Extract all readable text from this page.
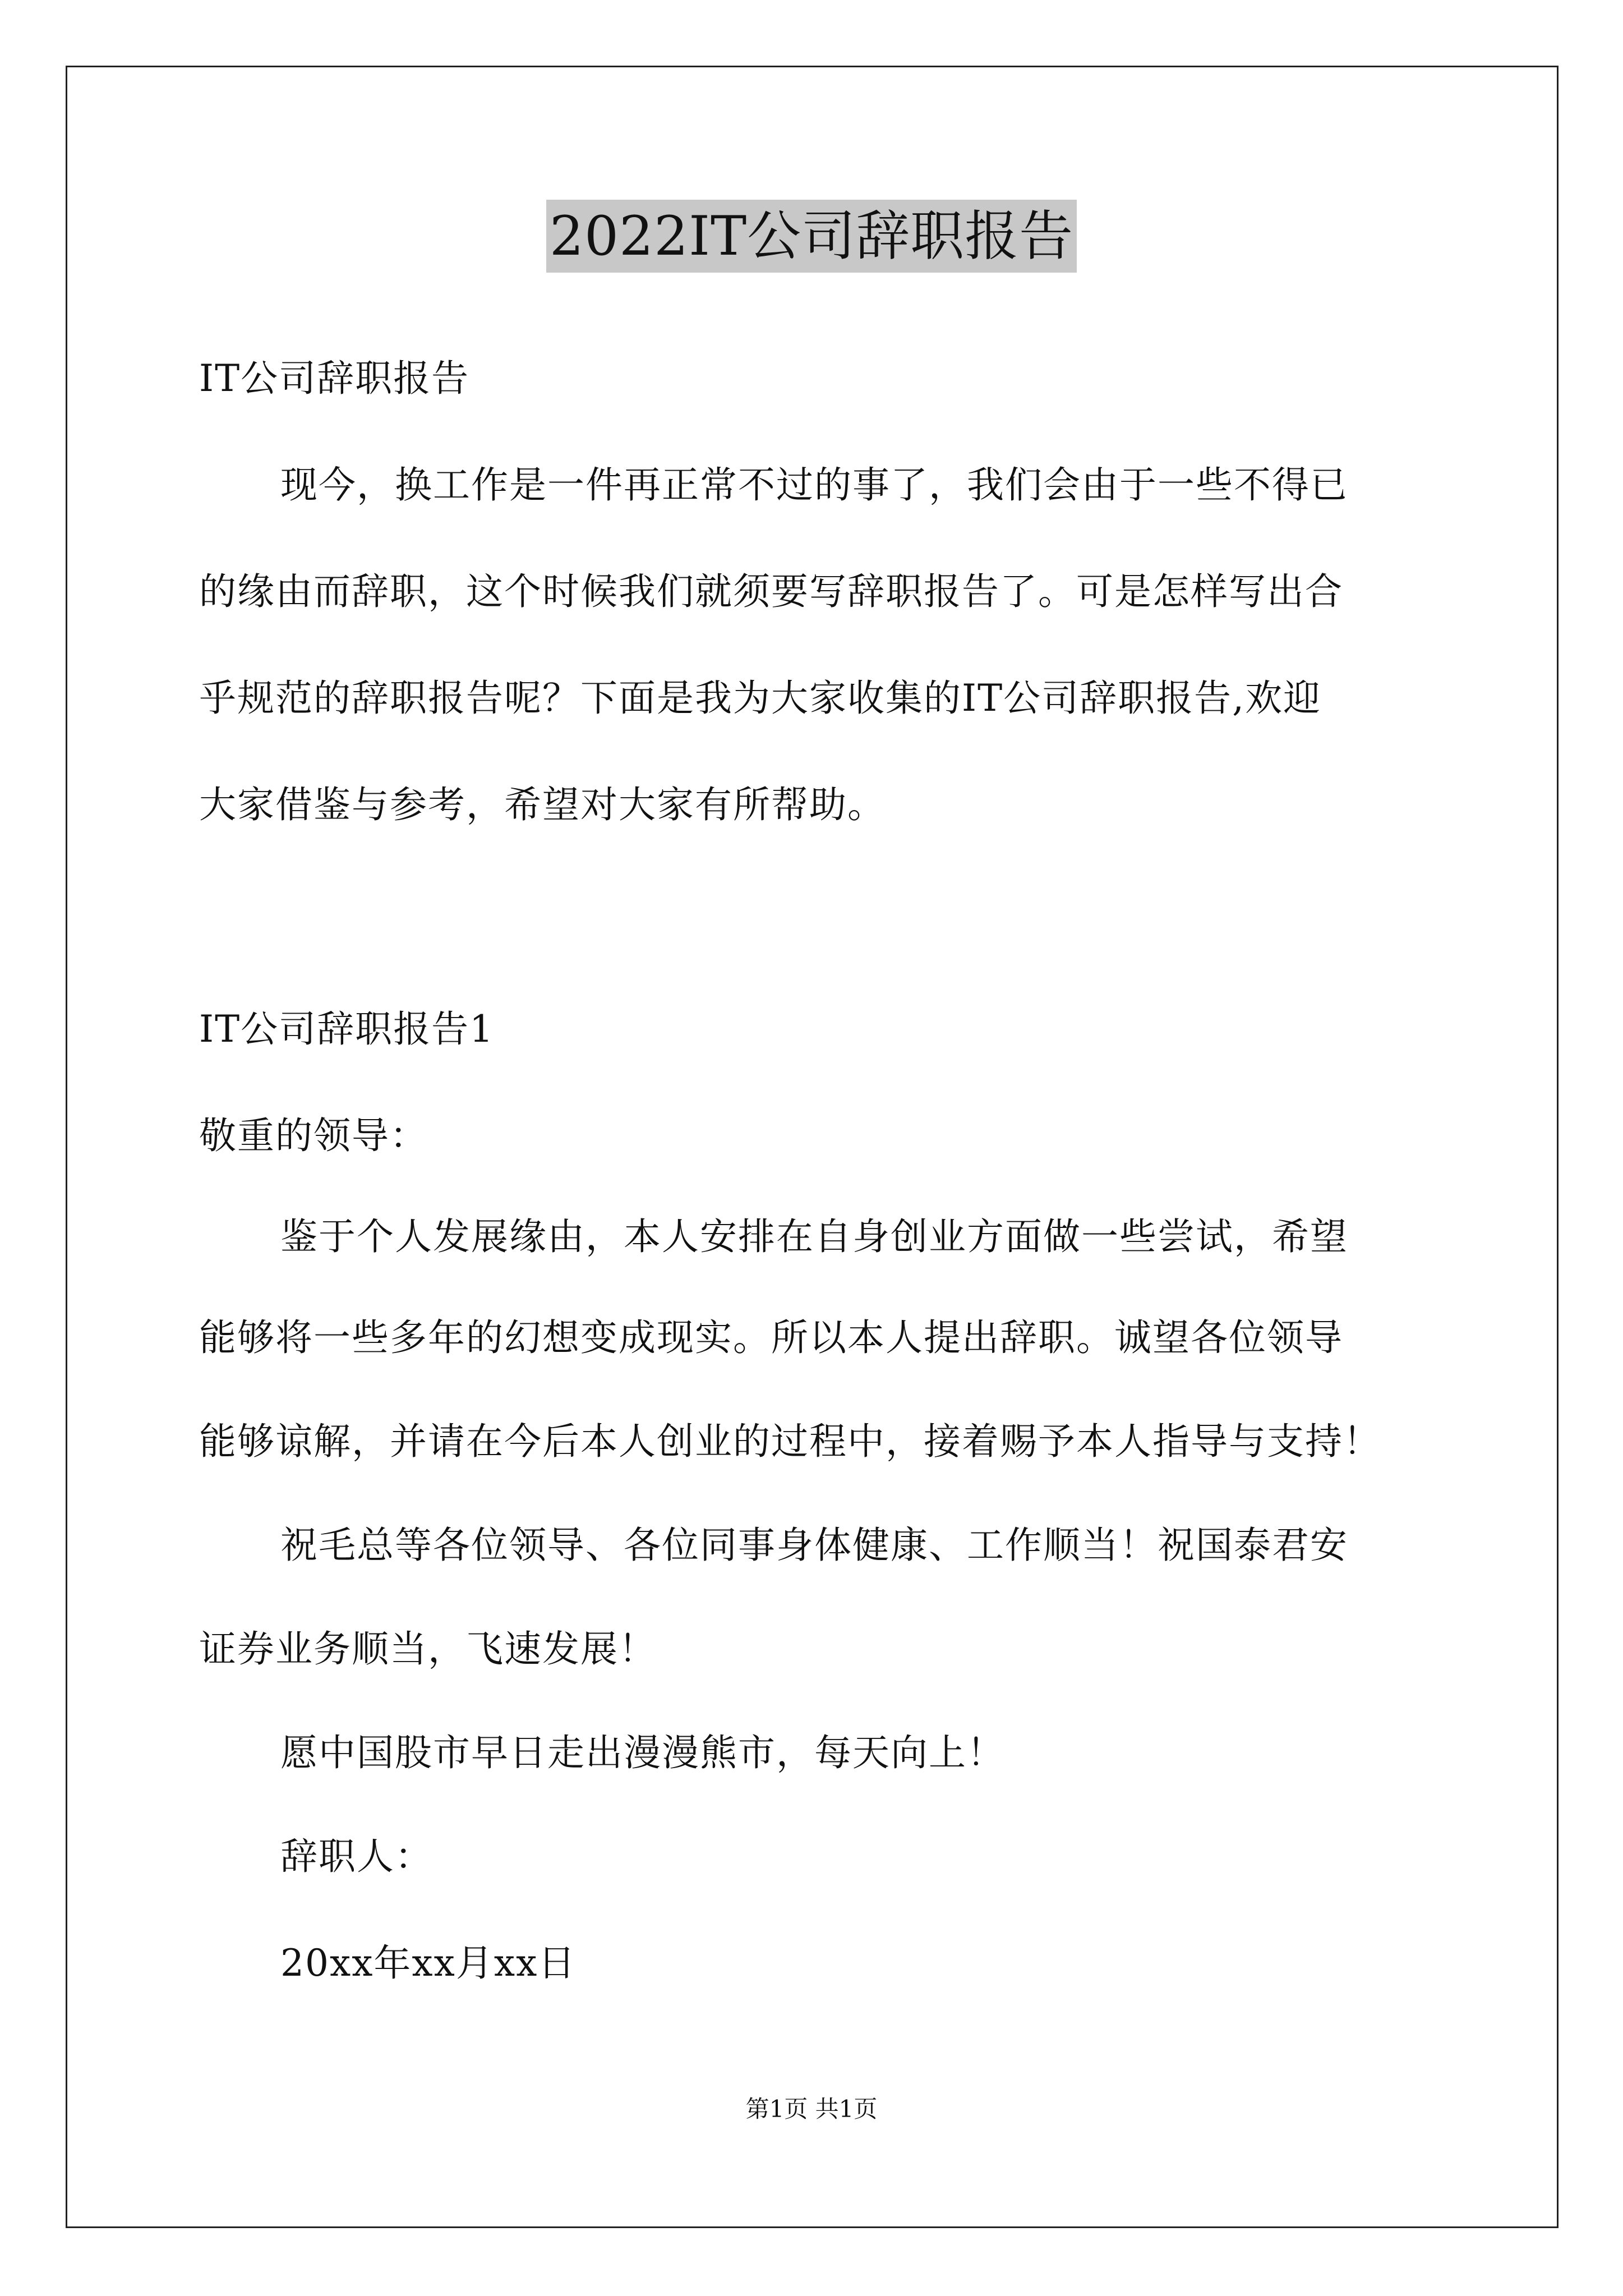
2022IT公司辞职报告
IT公司辞职报告
现今，换工作是一件再正常不过的事了，我们会由于一些不得已
的缘由而辞职，这个时候我们就须要写辞职报告了。可是怎样写出合
乎规范的辞职报告呢？下面是我为大家收集的IT公司辞职报告,欢迎
大家借鉴与参考，希望对大家有所帮助。
IT公司辞职报告1
敬重的领导：
鉴于个人发展缘由，本人安排在自身创业方面做一些尝试，希望
能够将一些多年的幻想变成现实。所以本人提出辞职。诚望各位领导
能够谅解，并请在今后本人创业的过程中，接着赐予本人指导与支持！
祝毛总等各位领导、各位同事身体健康、工作顺当！祝国泰君安
证券业务顺当，飞速发展！
愿中国股市早日走出漫漫熊市，每天向上！
辞职人：
20xx年xx月xx日
第1页 共1页
